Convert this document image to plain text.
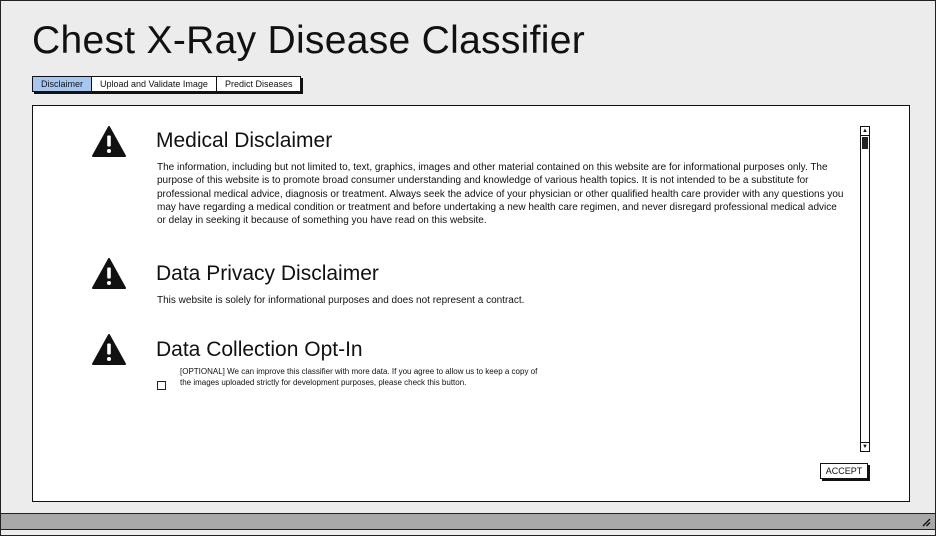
Chest X-Ray Disease Classifier
Disclaimer	Upload and Validate Image	Predict Diseases
Medical Disclaimer

The information, including but not limited to, text, graphics, images and other material contained on this website are for informational purposes only. The purpose of this website is to promote broad consumer understanding and knowledge of various health topics. It is not intended to be a substitute for professional medical advice, diagnosis or treatment. Always seek the advice of your physician or other qualified health care provider with any questions you may have regarding a medical condition or treatment and before undertaking a new health care regimen, and never disregard professional medical advice or delay in seeking it because of something you have read on this website.

Data Privacy Disclaimer

This website is solely for informational purposes and does not represent a contract.

Data Collection Opt-In
[OPTIONAL] We can improve this classifier with more data. If you agree to allow us to keep a copy of the images uploaded strictly for development purposes, please check this button.
▲
▼
ACCEPT
